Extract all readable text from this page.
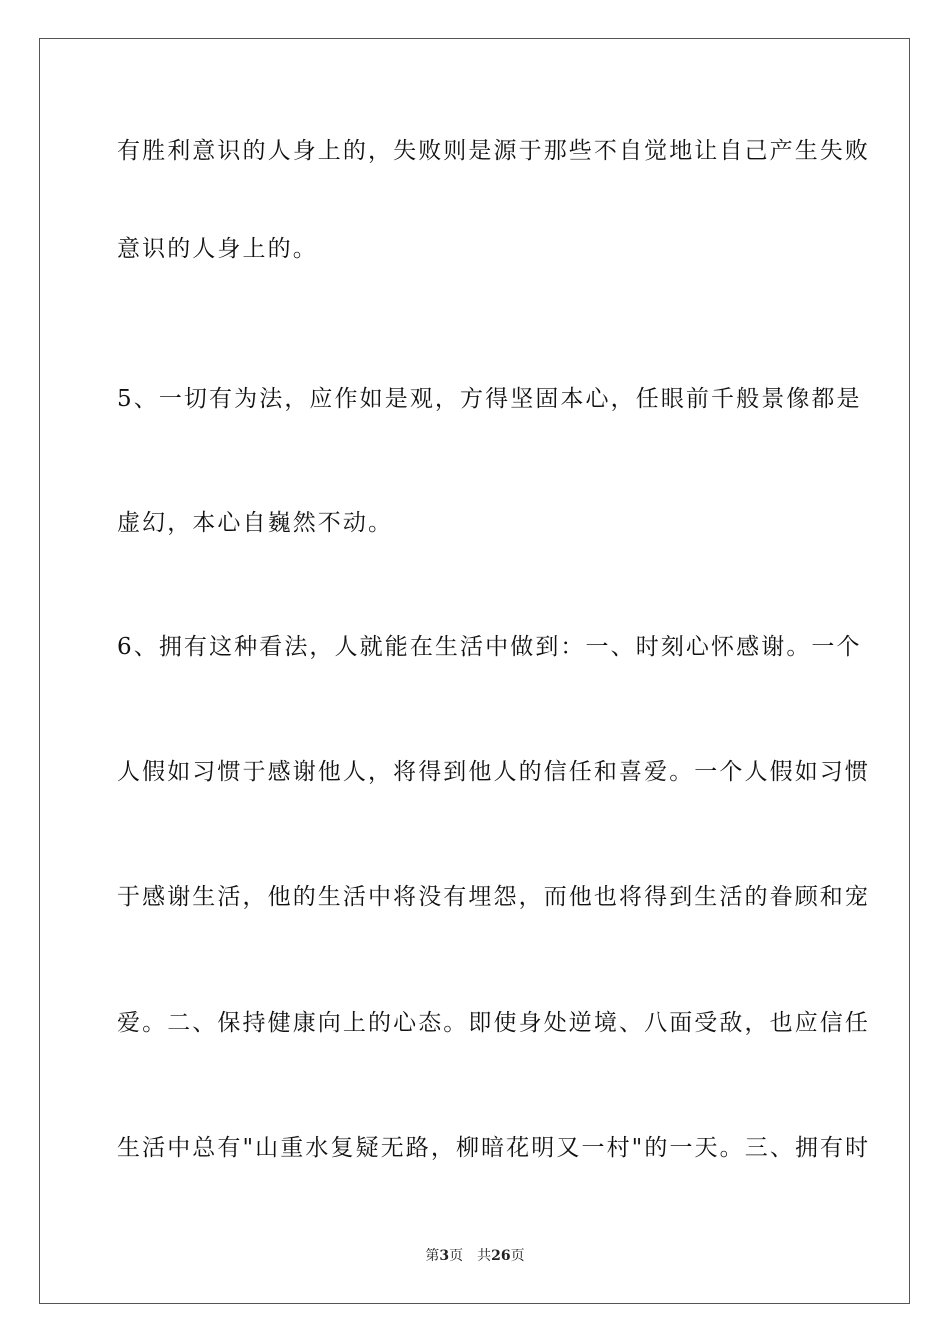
有胜利意识的人身上的，失败则是源于那些不自觉地让自己产生失败
意识的人身上的。
5、一切有为法，应作如是观，方得坚固本心，任眼前千般景像都是
虚幻，本心自巍然不动。
6、拥有这种看法，人就能在生活中做到：一、时刻心怀感谢。一个
人假如习惯于感谢他人，将得到他人的信任和喜爱。一个人假如习惯
于感谢生活，他的生活中将没有埋怨，而他也将得到生活的眷顾和宠
爱。二、保持健康向上的心态。即使身处逆境、八面受敌，也应信任
生活中总有"山重水复疑无路，柳暗花明又一村"的一天。三、拥有时
第3页 共26页
